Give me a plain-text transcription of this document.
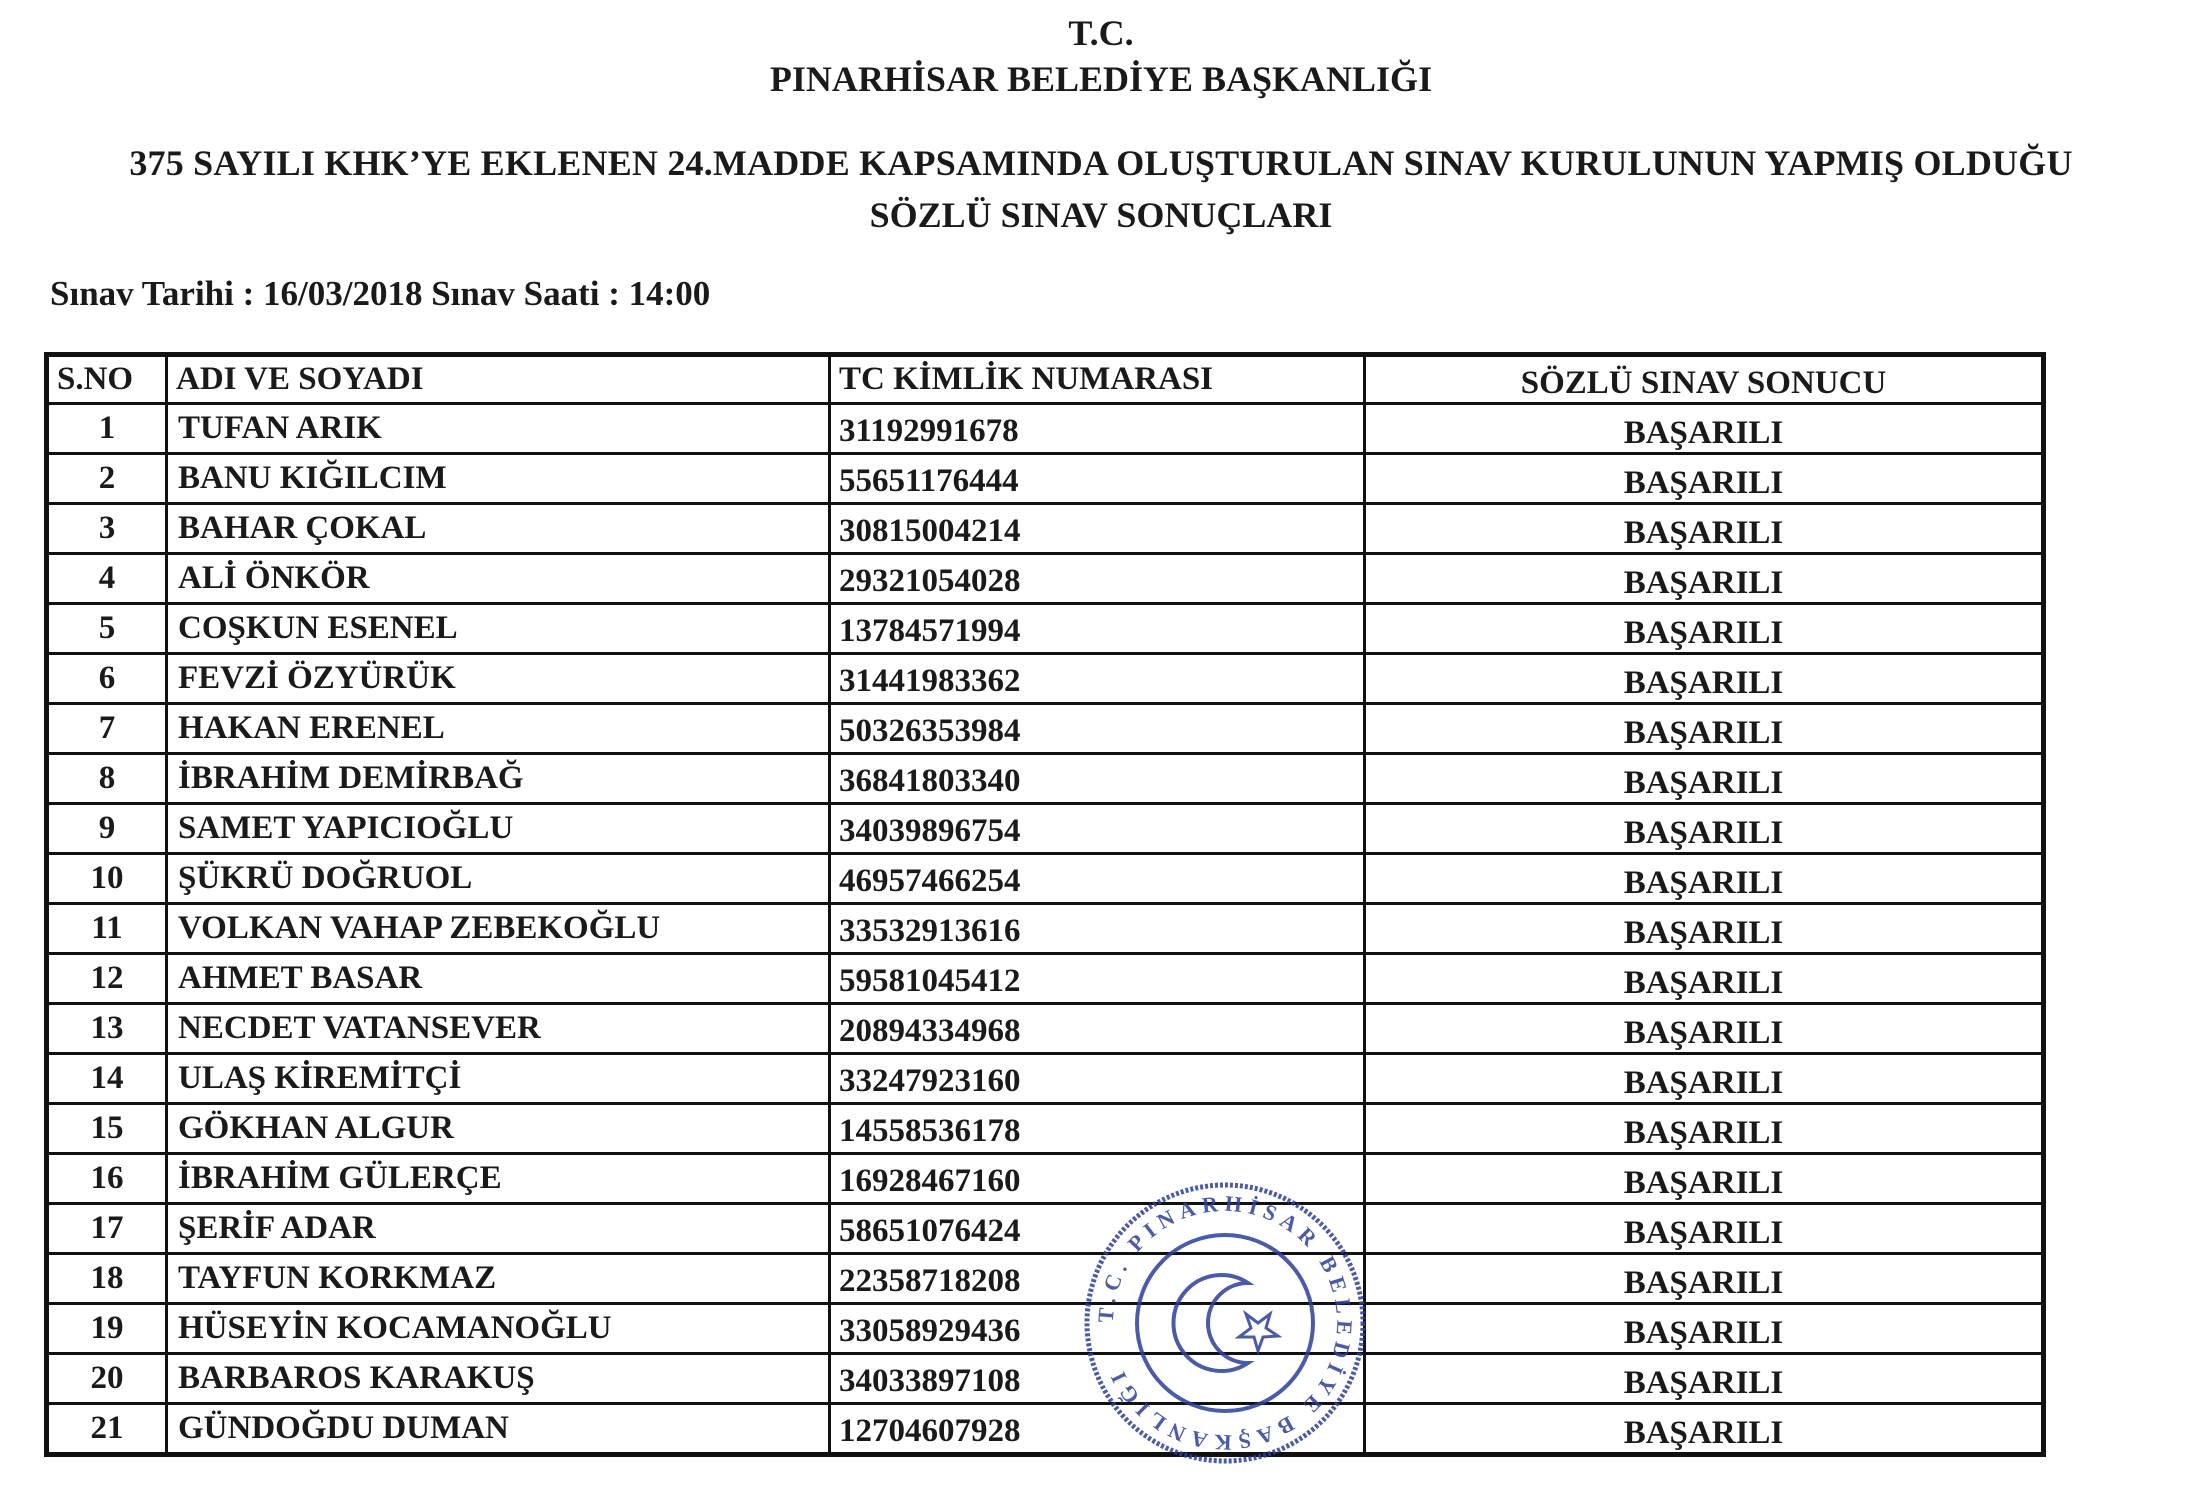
T.C.
PINARHİSAR BELEDİYE BAŞKANLIĞI
375 SAYILI KHK’YE EKLENEN 24.MADDE KAPSAMINDA OLUŞTURULAN SINAV KURULUNUN YAPMIŞ OLDUĞU
SÖZLÜ SINAV SONUÇLARI
Sınav Tarihi : 16/03/2018 Sınav Saati : 14:00
S.NO	ADI VE SOYADI	TC KİMLİK NUMARASI	SÖZLÜ SINAV SONUCU
1	TUFAN ARIK	31192991678	BAŞARILI
2	BANU KIĞILCIM	55651176444	BAŞARILI
3	BAHAR ÇOKAL	30815004214	BAŞARILI
4	ALİ ÖNKÖR	29321054028	BAŞARILI
5	COŞKUN ESENEL	13784571994	BAŞARILI
6	FEVZİ ÖZYÜRÜK	31441983362	BAŞARILI
7	HAKAN ERENEL	50326353984	BAŞARILI
8	İBRAHİM DEMİRBAĞ	36841803340	BAŞARILI
9	SAMET YAPICIOĞLU	34039896754	BAŞARILI
10	ŞÜKRÜ DOĞRUOL	46957466254	BAŞARILI
11	VOLKAN VAHAP ZEBEKOĞLU	33532913616	BAŞARILI
12	AHMET BASAR	59581045412	BAŞARILI
13	NECDET VATANSEVER	20894334968	BAŞARILI
14	ULAŞ KİREMİTÇİ	33247923160	BAŞARILI
15	GÖKHAN ALGUR	14558536178	BAŞARILI
16	İBRAHİM GÜLERÇE	16928467160	BAŞARILI
17	ŞERİF ADAR	58651076424	BAŞARILI
18	TAYFUN KORKMAZ	22358718208	BAŞARILI
19	HÜSEYİN KOCAMANOĞLU	33058929436	BAŞARILI
20	BARBAROS KARAKUŞ	34033897108	BAŞARILI
21	GÜNDOĞDU DUMAN	12704607928	BAŞARILI
T.C. PINARHİSAR BELEDİYE BAŞKANLIĞI
